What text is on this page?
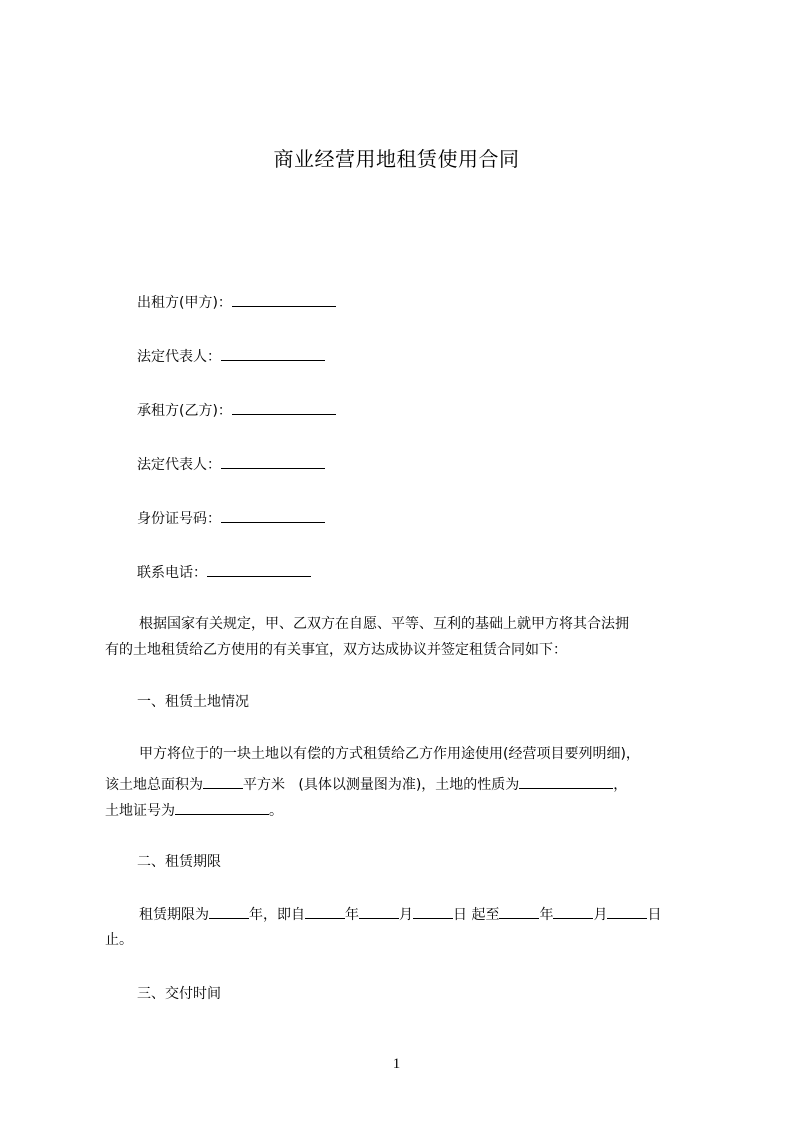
商业经营用地租赁使用合同
出租方(甲方)：
法定代表人：
承租方(乙方)：
法定代表人：
身份证号码：
联系电话：
根据国家有关规定，甲、乙双方在自愿、平等、互利的基础上就甲方将其合法拥
有的土地租赁给乙方使用的有关事宜，双方达成协议并签定租赁合同如下：
一、租赁土地情况
甲方将位于的一块土地以有偿的方式租赁给乙方作用途使用(经营项目要列明细)，
该土地总面积为	平方米 (具体以测量图为准)，土地的性质为	，
土地证号为	。
二、租赁期限
租赁期限为	年，即自	年	月	日 起至	年	月	日
止。
三、交付时间
1
